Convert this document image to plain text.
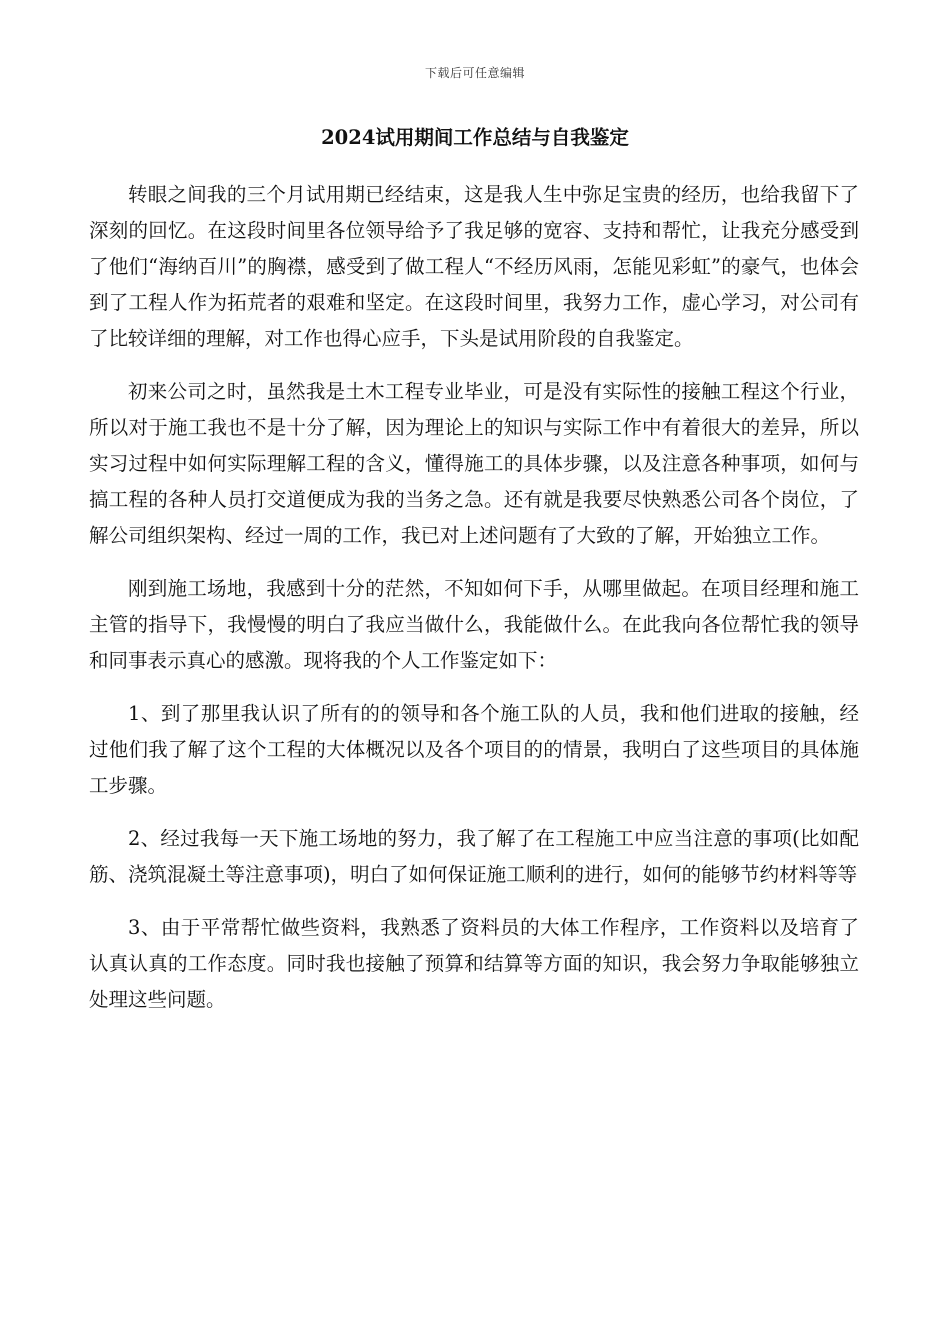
下载后可任意编辑
2024试用期间工作总结与自我鉴定

转眼之间我的三个月试用期已经结束，这是我人生中弥足宝贵的经历，也给我留下了深刻的回忆。在这段时间里各位领导给予了我足够的宽容、支持和帮忙，让我充分感受到了他们“海纳百川”的胸襟，感受到了做工程人“不经历风雨，怎能见彩虹”的豪气，也体会到了工程人作为拓荒者的艰难和坚定。在这段时间里，我努力工作，虚心学习，对公司有了比较详细的理解，对工作也得心应手，下头是试用阶段的自我鉴定。

初来公司之时，虽然我是土木工程专业毕业，可是没有实际性的接触工程这个行业，所以对于施工我也不是十分了解，因为理论上的知识与实际工作中有着很大的差异，所以实习过程中如何实际理解工程的含义，懂得施工的具体步骤，以及注意各种事项，如何与搞工程的各种人员打交道便成为我的当务之急。还有就是我要尽快熟悉公司各个岗位，了解公司组织架构、经过一周的工作，我已对上述问题有了大致的了解，开始独立工作。

刚到施工场地，我感到十分的茫然，不知如何下手，从哪里做起。在项目经理和施工主管的指导下，我慢慢的明白了我应当做什么，我能做什么。在此我向各位帮忙我的领导和同事表示真心的感激。现将我的个人工作鉴定如下：

1、到了那里我认识了所有的的领导和各个施工队的人员，我和他们进取的接触，经过他们我了解了这个工程的大体概况以及各个项目的的情景，我明白了这些项目的具体施工步骤。

2、经过我每一天下施工场地的努力，我了解了在工程施工中应当注意的事项(比如配筋、浇筑混凝土等注意事项)，明白了如何保证施工顺利的进行，如何的能够节约材料等等

3、由于平常帮忙做些资料，我熟悉了资料员的大体工作程序，工作资料以及培育了认真认真的工作态度。同时我也接触了预算和结算等方面的知识，我会努力争取能够独立处理这些问题。
